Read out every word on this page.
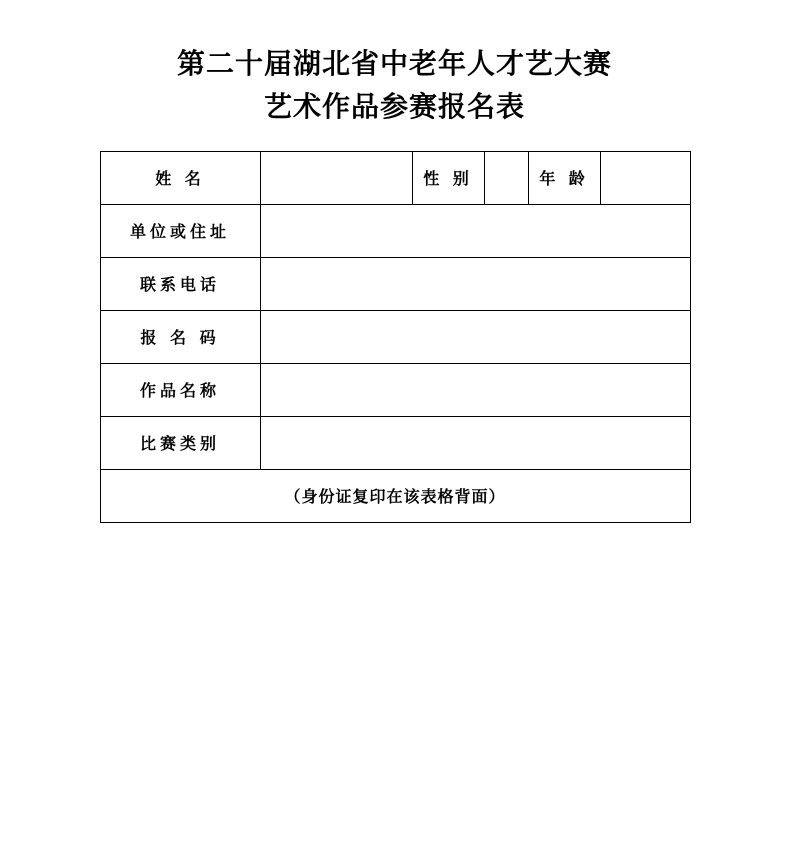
第二十届湖北省中老年人才艺大赛
艺术作品参赛报名表
姓 名		性 别		年 龄	
单位或住址					
联系电话					
报 名 码					
作品名称					
比赛类别					
（身份证复印在该表格背面）					
